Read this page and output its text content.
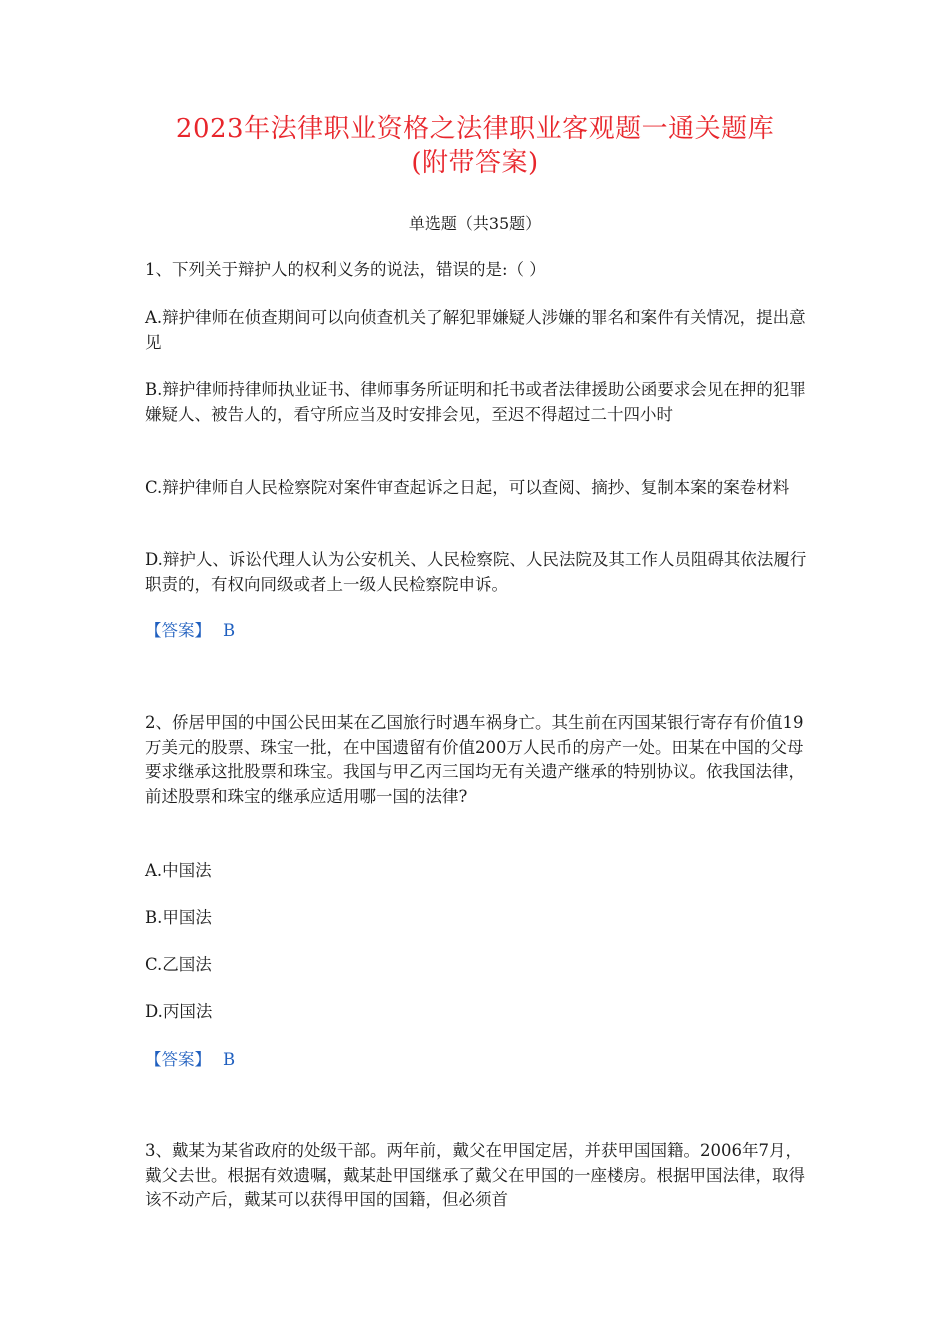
2023年法律职业资格之法律职业客观题一通关题库
(附带答案)
单选题（共35题）

1、下列关于辩护人的权利义务的说法，错误的是:（ ）

A.辩护律师在侦查期间可以向侦查机关了解犯罪嫌疑人涉嫌的罪名和案件有关情况，提出意见

B.辩护律师持律师执业证书、律师事务所证明和托书或者法律援助公函要求会见在押的犯罪嫌疑人、被告人的，看守所应当及时安排会见，至迟不得超过二十四小时

C.辩护律师自人民检察院对案件审查起诉之日起，可以查阅、摘抄、复制本案的案卷材料

D.辩护人、诉讼代理人认为公安机关、人民检察院、人民法院及其工作人员阻碍其依法履行职责的，有权向同级或者上一级人民检察院申诉。

【答案】 B

2、侨居甲国的中国公民田某在乙国旅行时遇车祸身亡。其生前在丙国某银行寄存有价值19万美元的股票、珠宝一批，在中国遗留有价值200万人民币的房产一处。田某在中国的父母要求继承这批股票和珠宝。我国与甲乙丙三国均无有关遗产继承的特别协议。依我国法律，前述股票和珠宝的继承应适用哪一国的法律?

A.中国法

B.甲国法

C.乙国法

D.丙国法

【答案】 B

3、戴某为某省政府的处级干部。两年前，戴父在甲国定居，并获甲国国籍。2006年7月，戴父去世。根据有效遗嘱，戴某赴甲国继承了戴父在甲国的一座楼房。根据甲国法律，取得该不动产后，戴某可以获得甲国的国籍，但必须首
